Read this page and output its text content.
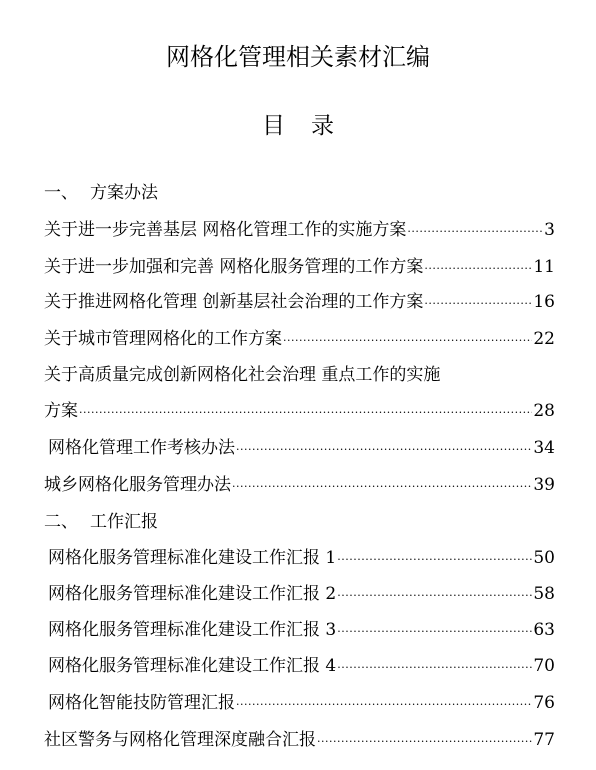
网格化管理相关素材汇编
目 录
一、 方案办法
关于进一步完善基层 网格化管理工作的实施方案 ·····	3
关于进一步加强和完善 网格化服务管理的工作方案 ·····	11
关于推进网格化管理 创新基层社会治理的工作方案 ·····	16
关于城市管理网格化的工作方案 ·····	22
关于高质量完成创新网格化社会治理 重点工作的实施
方案 ·····	28
网格化管理工作考核办法 ·····	34
城乡网格化服务管理办法 ·····	39
二、 工作汇报
网格化服务管理标准化建设工作汇报 1 ·····	50
网格化服务管理标准化建设工作汇报 2 ·····	58
网格化服务管理标准化建设工作汇报 3 ·····	63
网格化服务管理标准化建设工作汇报 4 ·····	70
网格化智能技防管理汇报 ·····	76
社区警务与网格化管理深度融合汇报 ·····	77
